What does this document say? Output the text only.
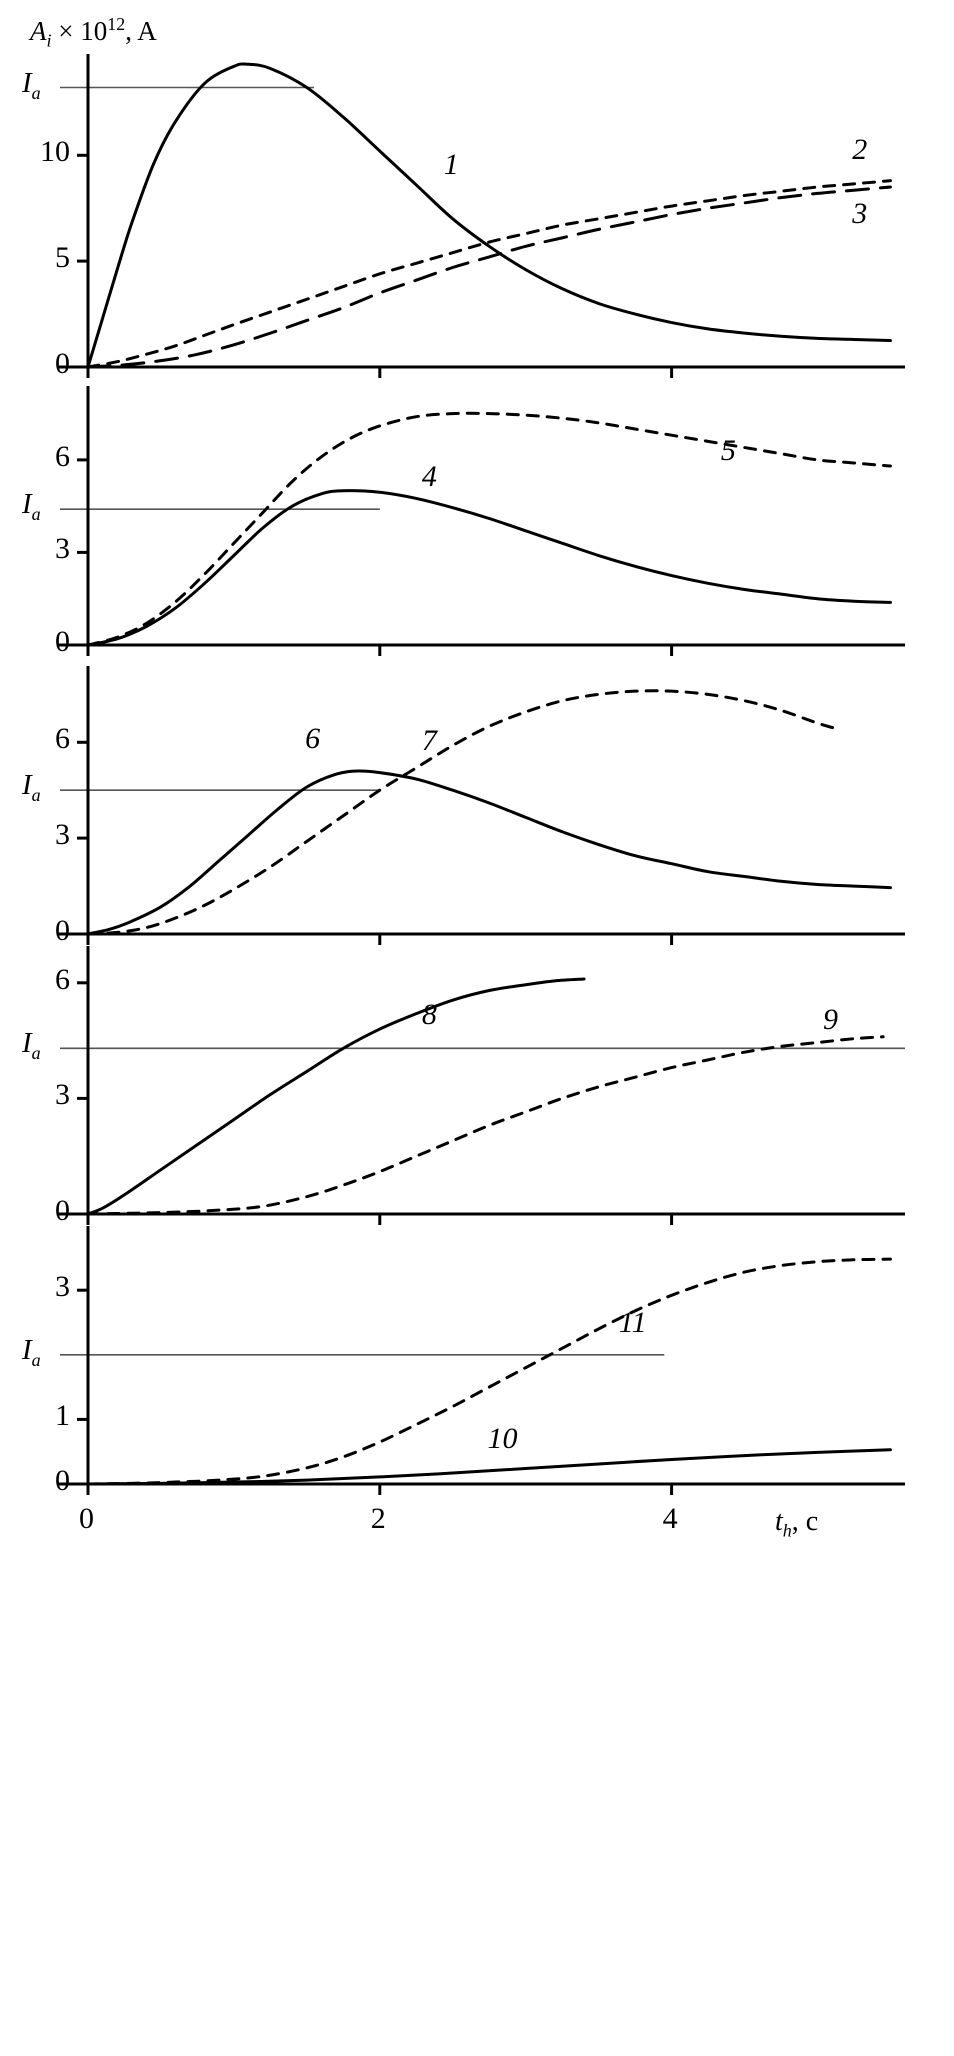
$A_i \times 10^{12}$, A
0
5
10
$I_a$
1	2
3
0
3
6
$I_a$
4
5
0
3
6
$I_a$
6	7
0
3
6
$I_a$
8	9
0
1
3
$I_a$
10
11
0	2	4	$t_h$, c
